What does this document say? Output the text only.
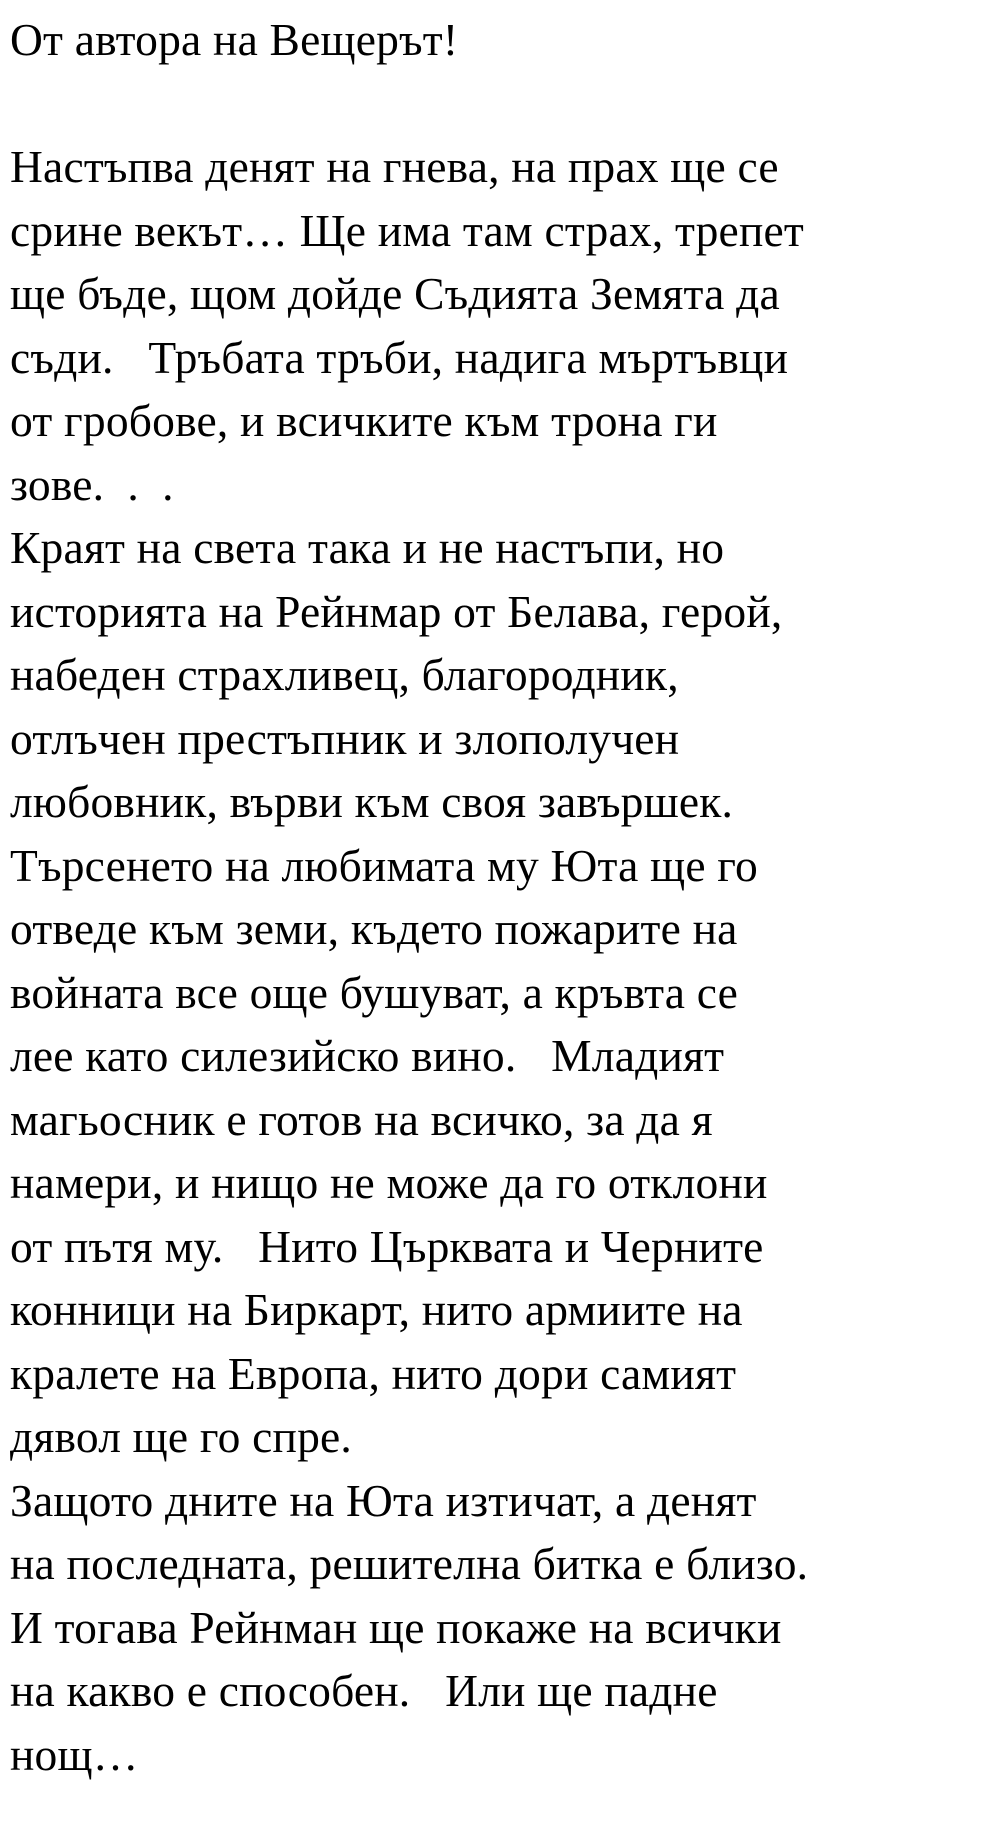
От автора на Вещерът!
Настъпва денят на гнева, на прах ще се
срине векът… Ще има там страх, трепет
ще бъде, щом дойде Съдията Земята да
съди.   Тръбата тръби, надига мъртъвци
от гробове, и всичките към трона ги
зове.  .  .
Краят на света така и не настъпи, но
историята на Рейнмар от Белава, герой,
набеден страхливец, благородник,
отлъчен престъпник и злополучен
любовник, върви към своя завършек.
Търсенето на любимата му Юта ще го
отведе към земи, където пожарите на
войната все още бушуват, а кръвта се
лее като силезийско вино.   Младият
магьосник е готов на всичко, за да я
намери, и нищо не може да го отклони
от пътя му.   Нито Църквата и Черните
конници на Биркарт, нито армиите на
кралете на Европа, нито дори самият
дявол ще го спре.
Защото дните на Юта изтичат, а денят
на последната, решителна битка е близо.
И тогава Рейнман ще покаже на всички
на какво е способен.   Или ще падне
нощ…
